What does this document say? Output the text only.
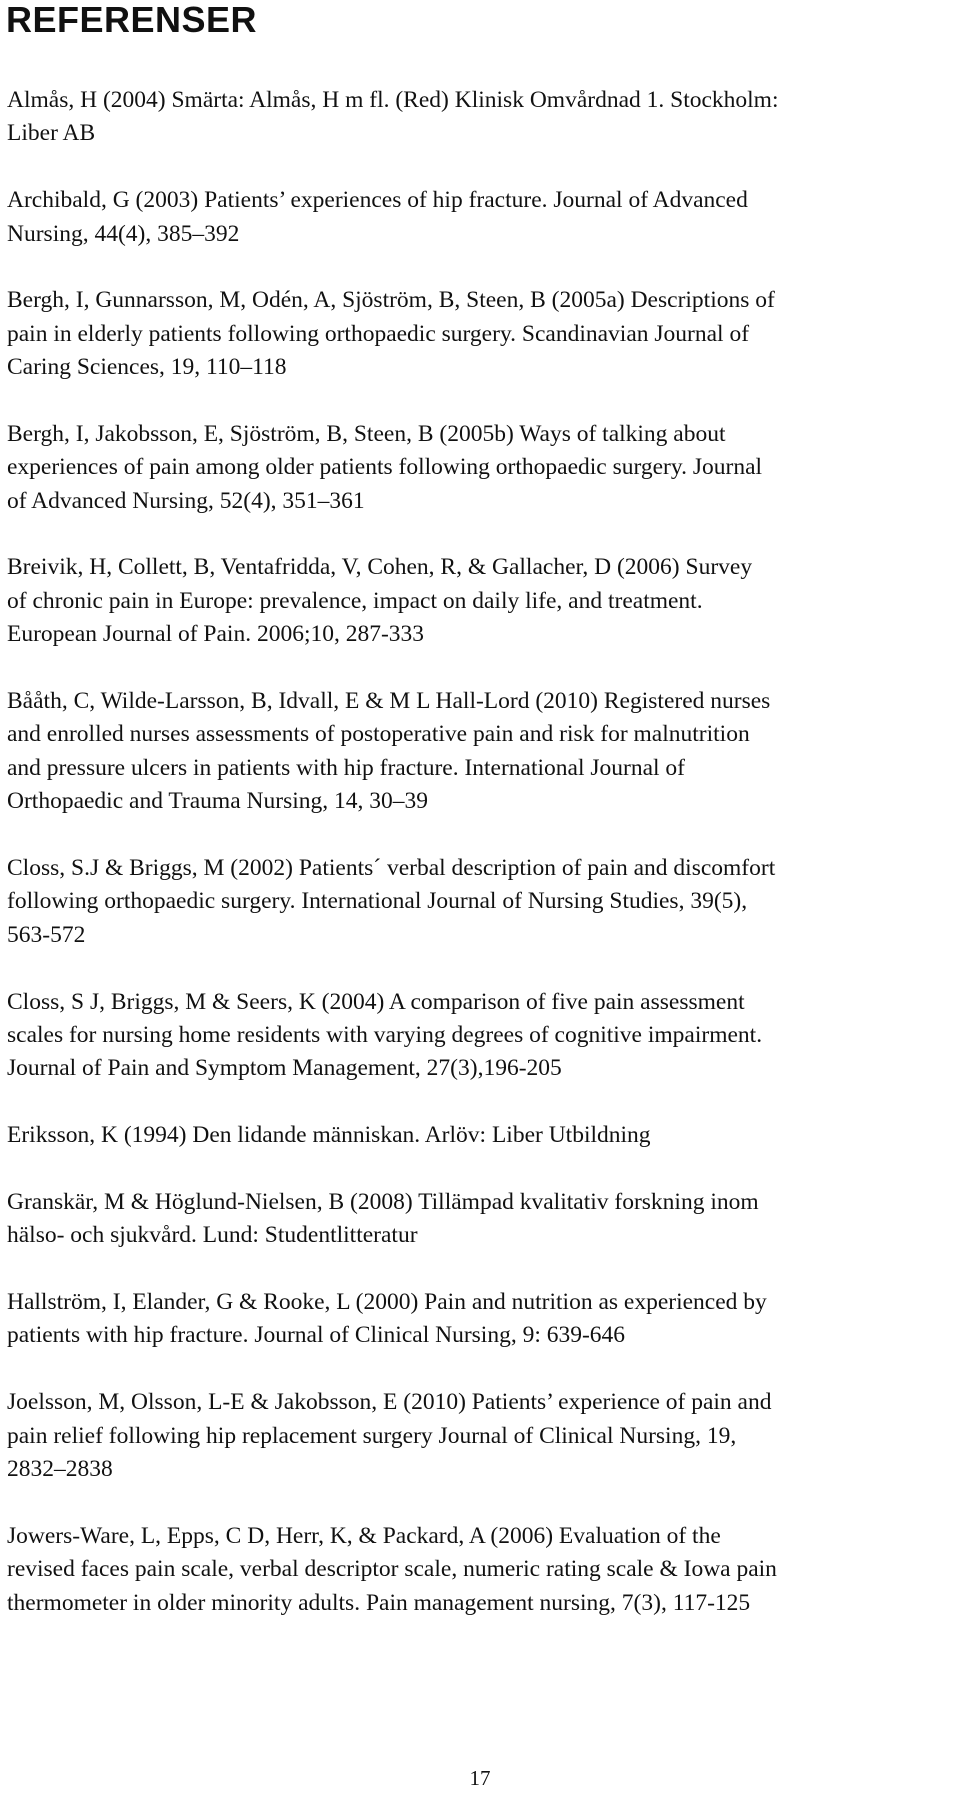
REFERENSER

Almås, H (2004) Smärta: Almås, H m fl. (Red) Klinisk Omvårdnad 1. Stockholm:
Liber AB

Archibald, G (2003) Patients’ experiences of hip fracture. Journal of Advanced
Nursing, 44(4), 385–392

Bergh, I, Gunnarsson, M, Odén, A, Sjöström, B, Steen, B (2005a) Descriptions of
pain in elderly patients following orthopaedic surgery. Scandinavian Journal of
Caring Sciences, 19, 110–118

Bergh, I, Jakobsson, E, Sjöström, B, Steen, B (2005b) Ways of talking about
experiences of pain among older patients following orthopaedic surgery. Journal
of Advanced Nursing, 52(4), 351–361

Breivik, H, Collett, B, Ventafridda, V, Cohen, R, & Gallacher, D (2006) Survey
of chronic pain in Europe: prevalence, impact on daily life, and treatment.
European Journal of Pain. 2006;10, 287-333

Bååth, C, Wilde-Larsson, B, Idvall, E & M L Hall-Lord (2010) Registered nurses
and enrolled nurses assessments of postoperative pain and risk for malnutrition
and pressure ulcers in patients with hip fracture. International Journal of
Orthopaedic and Trauma Nursing, 14, 30–39

Closs, S.J & Briggs, M (2002) Patients´ verbal description of pain and discomfort
following orthopaedic surgery. International Journal of Nursing Studies, 39(5),
563-572

Closs, S J, Briggs, M & Seers, K (2004) A comparison of five pain assessment
scales for nursing home residents with varying degrees of cognitive impairment.
Journal of Pain and Symptom Management, 27(3),196-205

Eriksson, K (1994) Den lidande människan. Arlöv: Liber Utbildning

Granskär, M & Höglund-Nielsen, B (2008) Tillämpad kvalitativ forskning inom
hälso- och sjukvård. Lund: Studentlitteratur

Hallström, I, Elander, G & Rooke, L (2000) Pain and nutrition as experienced by
patients with hip fracture. Journal of Clinical Nursing, 9: 639-646

Joelsson, M, Olsson, L-E & Jakobsson, E (2010) Patients’ experience of pain and
pain relief following hip replacement surgery Journal of Clinical Nursing, 19,
2832–2838

Jowers-Ware, L, Epps, C D, Herr, K, & Packard, A (2006) Evaluation of the
revised faces pain scale, verbal descriptor scale, numeric rating scale & Iowa pain
thermometer in older minority adults. Pain management nursing, 7(3), 117-125

17
